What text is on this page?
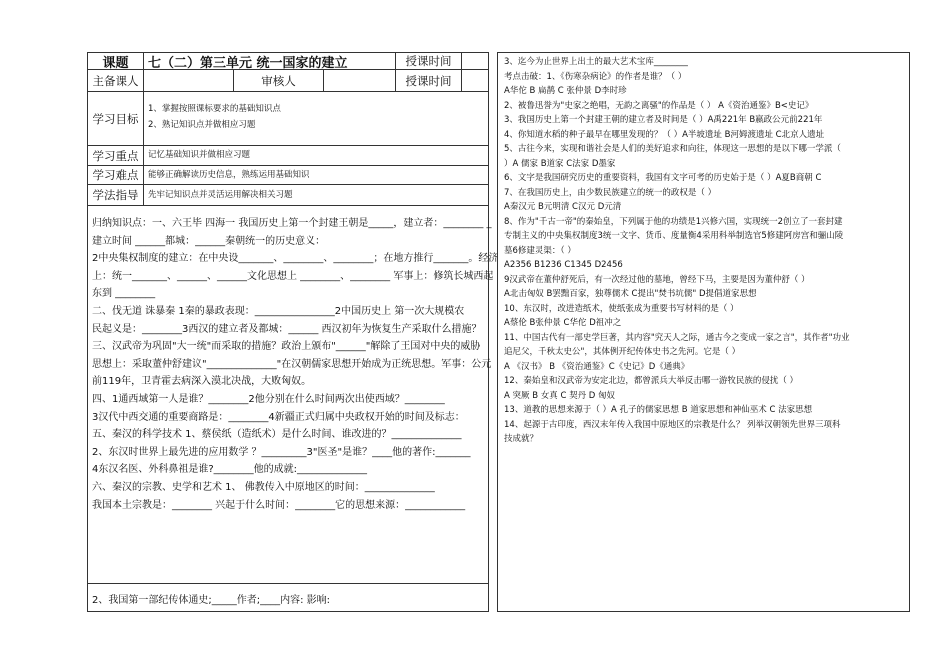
课题 七（二）第三单元 统一国家的建立	授课时间
主备课人	审核人	授课时间
学习目标
1、掌握按照课标要求的基础知识点
2、熟记知识点并做相应习题
学习重点	记忆基础知识并做相应习题
学习难点	能够正确解读历史信息，熟练运用基础知识
学法指导	先牢记知识点并灵活运用解决相关习题

归纳知识点：一、六王毕 四海一 我国历史上第一个封建王朝是_____，建立者：________ _

建立时间 ______都城：______秦朝统一的历史意义：

2中央集权制度的建立：在中央设_______、________、________；在地方推行_______。经济

上：统一_______、______、______文化思想上 ________、________ 军事上：修筑长城西起

东到 ________

二、伐无道 诛暴秦 1秦的暴政表现：________________2中国历史上 第一次大规模农

民起义是：________3西汉的建立者及都城：______ 西汉初年为恢复生产采取什么措施？

三、汉武帝为巩固"大一统"而采取的措施？政治上颁布"______"解除了王国对中央的威胁

思想上：采取董仲舒建议"______________"在汉朝儒家思想开始成为正统思想。军事：公元

前119年，卫青霍去病深入漠北决战，大败匈奴。

四、1通西域第一人是谁？________2他分别在什么时间两次出使西域？________

3汉代中西交通的重要商路是：________4新疆正式归属中央政权开始的时间及标志：

五、秦汉的科学技术 1、蔡侯纸（造纸术）是什么时间、谁改进的？______________

2、东汉时世界上最先进的应用数学 ？_________3"医圣"是谁？____他的著作:_______

4东汉名医、外科鼻祖是谁?________他的成就:______________

六、秦汉的宗教、史学和艺术 1、 佛教传入中原地区的时间：______________

我国本土宗教是：________ 兴起于什么时间：________它的思想来源：____________

2、我国第一部纪传体通史;_____作者;____内容: 影响:

3、迄今为止世界上出土的最大艺术宝库________

考点击破：1、《伤寒杂病论》的作者是谁？（ ）

A华佗 B 扁鹊 C 张仲景 D李时珍

2、被鲁迅誉为"史家之绝唱，无韵之离骚"的作品是（ ） A《资治通鉴》B<史记》

3、我国历史上第一个封建王朝的建立者及时间是（ ）A禹221年 B嬴政公元前221年

4、你知道水稻的种子最早在哪里发现的？（ ）A半坡遗址 B河姆渡遗址 C北京人遗址

5、古往今来，实现和谐社会是人们的美好追求和向往，体现这一思想的是以下哪一学派（

）A 儒家 B道家 C法家 D墨家

6、文字是我国研究历史的重要资料，我国有文字可考的历史始于是（ ）A夏B商朝 C

7、在我国历史上，由少数民族建立的统一的政权是（ ）

A秦汉元 B元明清 C汉元 D元清

8、作为"千古一帝"的秦始皇，下列属于他的功绩是1兴修六国，实现统一2创立了一套封建

专制主义的中央集权制度3统一文字、货币、度量衡4采用科举制选官5修建阿房宫和骊山陵

墓6修建灵渠：（ ）

A2356 B1236 C1345 D2456

9汉武帝在董仲舒死后，有一次经过他的墓地，曾经下马，主要是因为董仲舒（ ）

A北击匈奴 B罢黜百家，独尊儒术 C提出"焚书坑儒" D提倡道家思想

10、东汉时，改进造纸术，使纸张成为重要书写材料的是（ ）

A蔡伦 B张仲景 C华佗 D祖冲之

11、中国古代有一部史学巨著，其内容"究天人之际，通古今之变成一家之言"，其作者"功业

追尼父，千秋太史公"，其体例开纪传体史书之先河。它是（ ）

A 《汉书》 B 《资治通鉴》C《史记》D《通典》

12、秦始皇和汉武帝为安定北边，都曾派兵大举反击哪一游牧民族的侵扰（ ）

A 突厥 B 女真 C 契丹 D 匈奴

13、道教的思想来源于（ ）A 孔子的儒家思想 B 道家思想和神仙巫术 C 法家思想

14、起源于古印度，西汉末年传入我国中原地区的宗教是什么？ 列举汉朝领先世界三项科

技成就？
